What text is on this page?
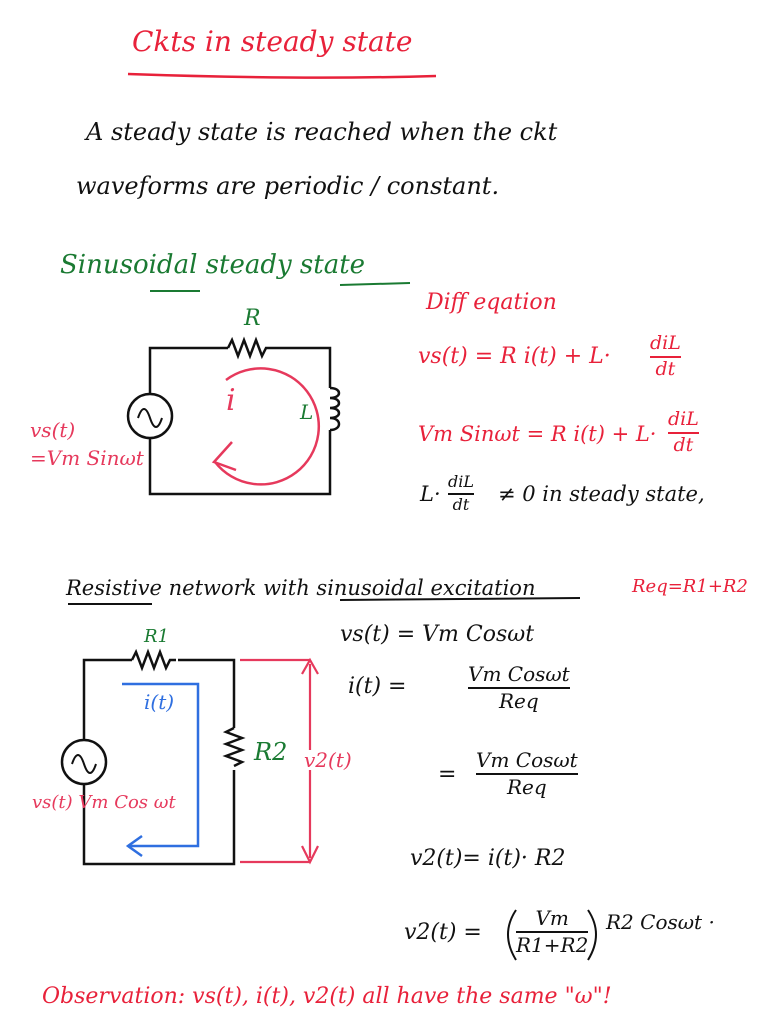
Ckts in steady state
A steady state is reached when the ckt
waveforms are periodic / constant.
Sinusoidal steady state
R
L
i
vs(t)
=Vm Sinωt
Diff eqation
vs(t) = R i(t) + L·
diL
dt
Vm Sinωt = R i(t) + L·
diL
dt
L·
diL
dt ≠ 0 in steady state,
Resistive network with sinusoidal excitation	Req=R1+R2
R1
R2
i(t)
v2(t)
vs(t) Vm Cos ωt
vs(t) = Vm Cosωt
i(t) =	Vm Cosωt
Req
=
Vm Cosωt
Req
v2(t)= i(t)· R2
v2(t) =
Vm
R1+R2
R2 Cosωt ·
Observation: vs(t), i(t), v2(t) all have the same "ω"!
